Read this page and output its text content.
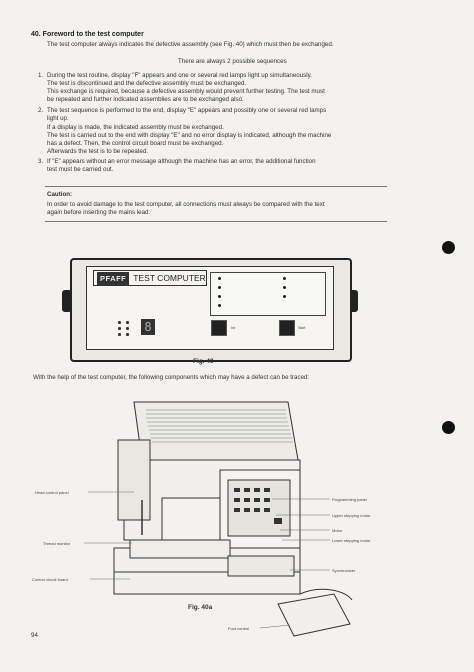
40. Foreword to the test computer
The test computer always indicates the defective assembly (see Fig. 40) which must then be exchanged.
There are always 2 possible sequences
1. During the test routine, display "F" appears and one or several red lamps light up simultaneously.
The test is discontinued and the defective assembly must be exchanged.
This exchange is required, because a defective assembly would prevent further testing. The test must
be repeated and further indicated assemblies are to be exchanged also.
2. The test sequence is performed to the end, display "E" appears and possibly one or several red lamps
light up.
If a display is made, the indicated assembly must be exchanged.
The test is carried out to the end with display "E" and no error display is indicated, although the machine
has a defect. Then, the control circuit board must be exchanged.
Afterwards the test is to be repeated.
3. If "E" appears without an error message although the machine has an error, the additional function
test must be carried out.
Caution:
In order to avoid damage to the test computer, all connections must always be compared with the text
again before inserting the mains lead.
PFAFF TEST COMPUTER
8	Int	Start
Fig. 40
With the help of the test computer, the following components which may have a defect can be traced:
Head control panel
Thread monitor
Control circuit board
Programming panel
Upper stepping motor
Motor
Lower stepping motor
Synchronizer
Fig. 40a
Foot control
94
